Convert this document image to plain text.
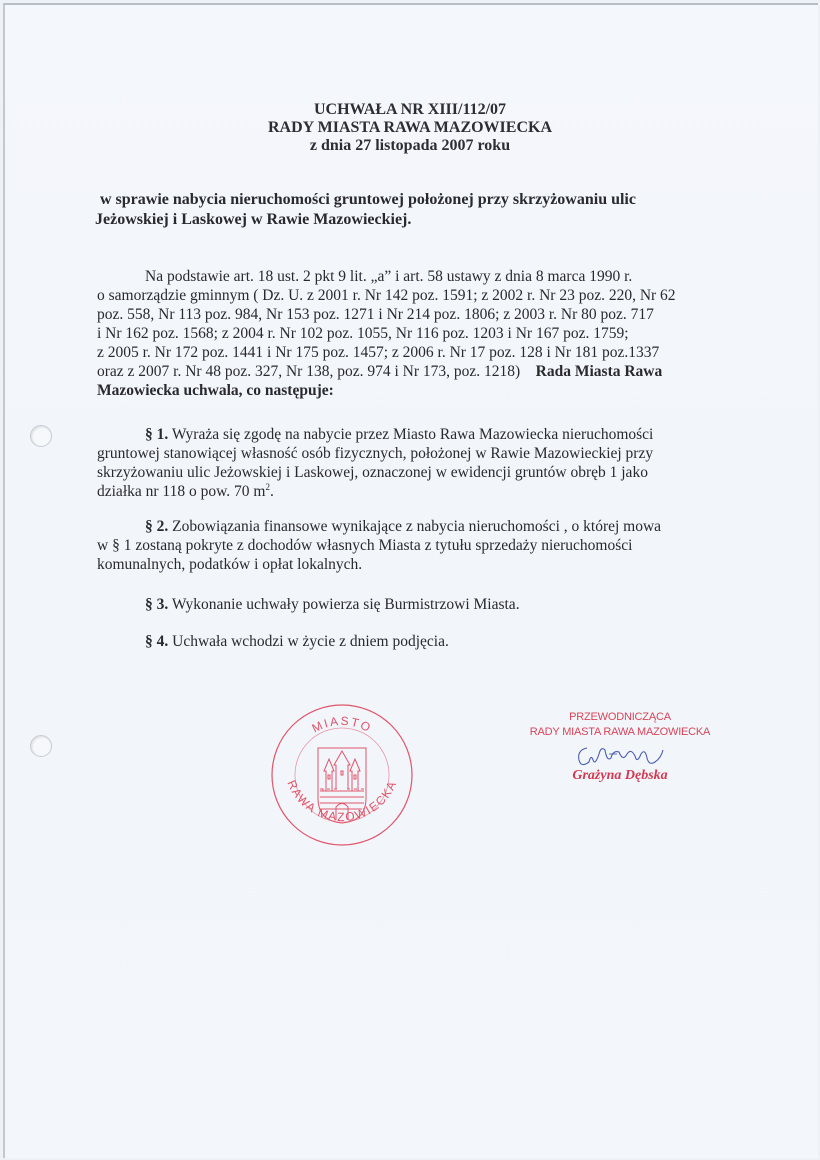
UCHWAŁA NR XIII/112/07
RADY MIASTA RAWA MAZOWIECKA
z dnia 27 listopada 2007 roku
w sprawie nabycia nieruchomości gruntowej położonej przy skrzyżowaniu ulic
Jeżowskiej i Laskowej w Rawie Mazowieckiej.
Na podstawie art. 18 ust. 2 pkt 9 lit. „a” i art. 58 ustawy z dnia 8 marca 1990 r.
o samorządzie gminnym ( Dz. U. z 2001 r. Nr 142 poz. 1591; z 2002 r. Nr 23 poz. 220, Nr 62
poz. 558, Nr 113 poz. 984, Nr 153 poz. 1271 i Nr 214 poz. 1806; z 2003 r. Nr 80 poz. 717
i Nr 162 poz. 1568; z 2004 r. Nr 102 poz. 1055, Nr 116 poz. 1203 i Nr 167 poz. 1759;
z 2005 r. Nr 172 poz. 1441 i Nr 175 poz. 1457; z 2006 r. Nr 17 poz. 128 i Nr 181 poz.1337
oraz z 2007 r. Nr 48 poz. 327, Nr 138, poz. 974 i Nr 173, poz. 1218) Rada Miasta Rawa
Mazowiecka uchwala, co następuje:
§ 1. Wyraża się zgodę na nabycie przez Miasto Rawa Mazowiecka nieruchomości
gruntowej stanowiącej własność osób fizycznych, położonej w Rawie Mazowieckiej przy
skrzyżowaniu ulic Jeżowskiej i Laskowej, oznaczonej w ewidencji gruntów obręb 1 jako
działka nr 118 o pow. 70 $m^2$.
§ 2. Zobowiązania finansowe wynikające z nabycia nieruchomości , o której mowa
w § 1 zostaną pokryte z dochodów własnych Miasta z tytułu sprzedaży nieruchomości
komunalnych, podatków i opłat lokalnych.
§ 3. Wykonanie uchwały powierza się Burmistrzowi Miasta.
§ 4. Uchwała wchodzi w życie z dniem podjęcia.
MIASTO
RAWA MAZOWIECKA
PRZEWODNICZĄCA
RADY MIASTA RAWA MAZOWIECKA
Grażyna Dębska
